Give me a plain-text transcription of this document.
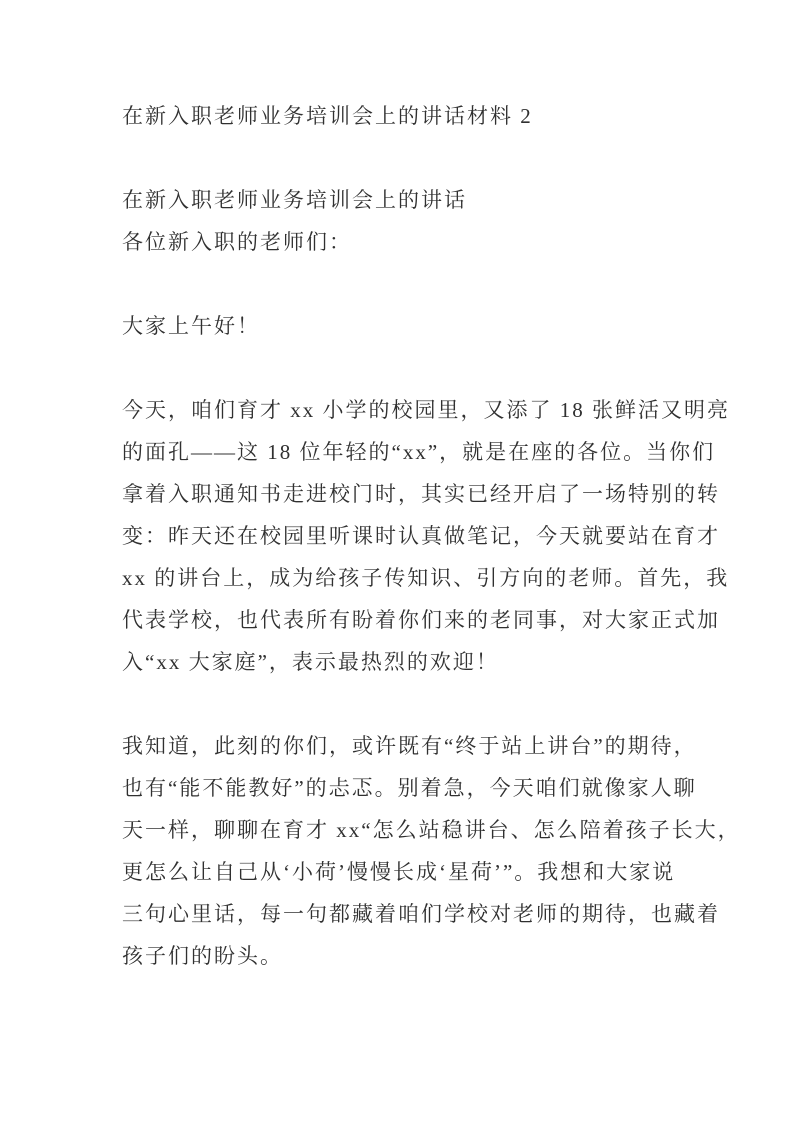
在新入职老师业务培训会上的讲话材料 2
在新入职老师业务培训会上的讲话
各位新入职的老师们：
大家上午好！
今天，咱们育才 xx 小学的校园里，又添了 18 张鲜活又明亮
的面孔——这 18 位年轻的“xx”，就是在座的各位。当你们
拿着入职通知书走进校门时，其实已经开启了一场特别的转
变：昨天还在校园里听课时认真做笔记，今天就要站在育才
xx 的讲台上，成为给孩子传知识、引方向的老师。首先，我
代表学校，也代表所有盼着你们来的老同事，对大家正式加
入“xx 大家庭”，表示最热烈的欢迎！
我知道，此刻的你们，或许既有“终于站上讲台”的期待，
也有“能不能教好”的忐忑。别着急，今天咱们就像家人聊
天一样，聊聊在育才 xx“怎么站稳讲台、怎么陪着孩子长大，
更怎么让自己从‘小荷’慢慢长成‘星荷’”。我想和大家说
三句心里话，每一句都藏着咱们学校对老师的期待，也藏着
孩子们的盼头。
